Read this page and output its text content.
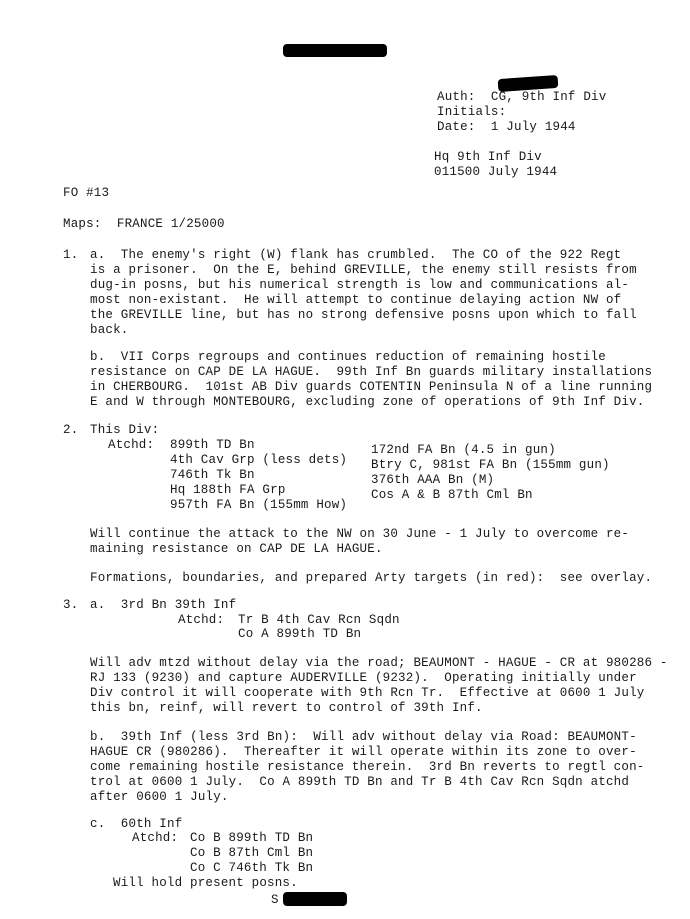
Auth:  CG, 9th Inf Div
Initials:
Date:  1 July 1944
Hq 9th Inf Div
011500 July 1944
FO #13
Maps:  FRANCE 1/25000
1. a.  The enemy's right (W) flank has crumbled.  The CO of the 922 Regt
is a prisoner.  On the E, behind GREVILLE, the enemy still resists from
dug-in posns, but his numerical strength is low and communications al-
most non-existant.  He will attempt to continue delaying action NW of
the GREVILLE line, but has no strong defensive posns upon which to fall
back.
b.  VII Corps regroups and continues reduction of remaining hostile
resistance on CAP DE LA HAGUE.  99th Inf Bn guards military installations
in CHERBOURG.  101st AB Div guards COTENTIN Peninsula N of a line running
E and W through MONTEBOURG, excluding zone of operations of 9th Inf Div.
2. This Div:
Atchd: 899th TD Bn
4th Cav Grp (less dets)
746th Tk Bn
Hq 188th FA Grp
957th FA Bn (155mm How)
172nd FA Bn (4.5 in gun)
Btry C, 981st FA Bn (155mm gun)
376th AAA Bn (M)
Cos A & B 87th Cml Bn
Will continue the attack to the NW on 30 June - 1 July to overcome re-
maining resistance on CAP DE LA HAGUE.
Formations, boundaries, and prepared Arty targets (in red):  see overlay.
3. a.  3rd Bn 39th Inf
Atchd: Tr B 4th Cav Rcn Sqdn
Co A 899th TD Bn
Will adv mtzd without delay via the road; BEAUMONT - HAGUE - CR at 980286 -
RJ 133 (9230) and capture AUDERVILLE (9232).  Operating initially under
Div control it will cooperate with 9th Rcn Tr.  Effective at 0600 1 July
this bn, reinf, will revert to control of 39th Inf.
b.  39th Inf (less 3rd Bn):  Will adv without delay via Road: BEAUMONT-
HAGUE CR (980286).  Thereafter it will operate within its zone to over-
come remaining hostile resistance therein.  3rd Bn reverts to regtl con-
trol at 0600 1 July.  Co A 899th TD Bn and Tr B 4th Cav Rcn Sqdn atchd
after 0600 1 July.
c.  60th Inf
Atchd: Co B 899th TD Bn
Co B 87th Cml Bn
Co C 746th Tk Bn
Will hold present posns.
S
